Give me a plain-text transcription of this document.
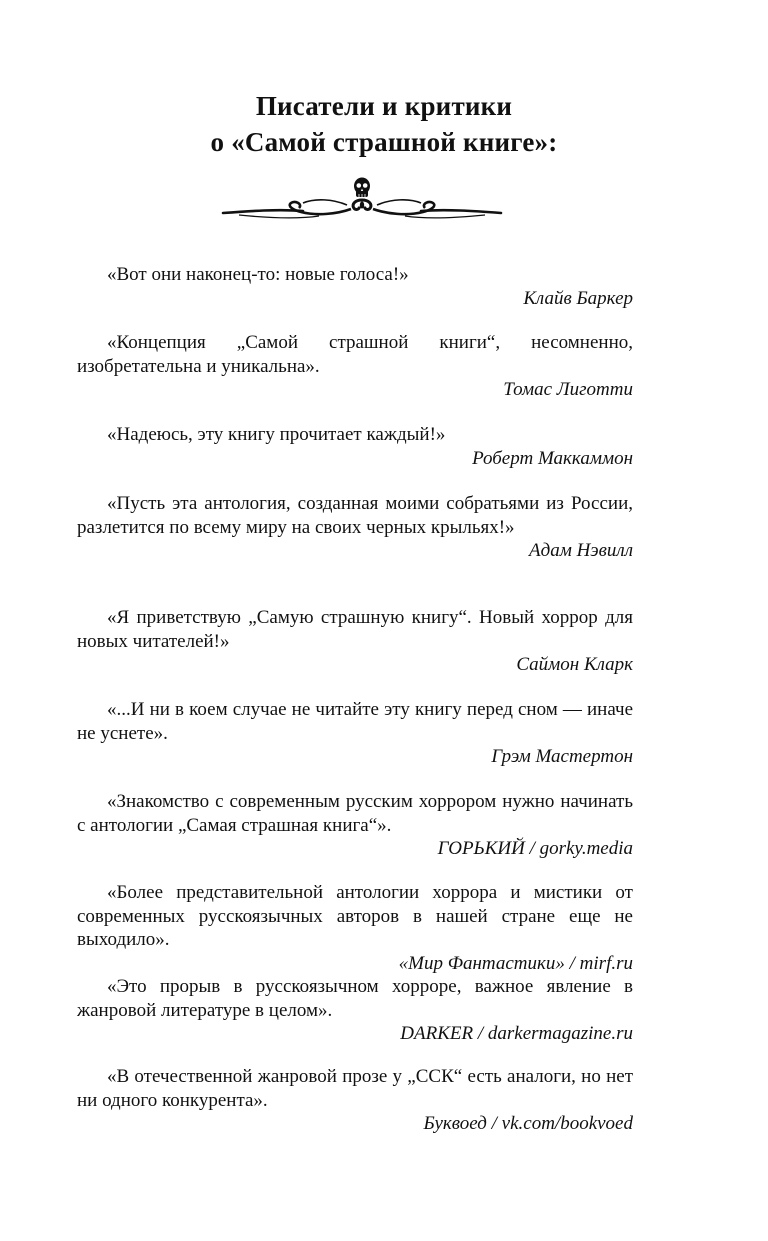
Писатели и критики
о «Самой страшной книге»:
«Вот они наконец-то: новые голоса!»
Клайв Баркер
«Концепция „Самой страшной книги“, несомненно, изобретательна и уникальна».
Томас Лиготти
«Надеюсь, эту книгу прочитает каждый!»
Роберт Маккаммон
«Пусть эта антология, созданная моими собратьями из России, разлетится по всему миру на своих черных крыльях!»
Адам Нэвилл
«Я приветствую „Самую страшную книгу“. Новый хоррор для новых читателей!»
Саймон Кларк
«...И ни в коем случае не читайте эту книгу перед сном — иначе не уснете».
Грэм Мастертон
«Знакомство с современным русским хоррором нужно начинать с антологии „Самая страшная книга“».
ГОРЬКИЙ / gorky.media
«Более представительной антологии хоррора и мистики от современных русскоязычных авторов в нашей стране еще не выходило».
«Мир Фантастики» / mirf.ru
«Это прорыв в русскоязычном хорроре, важное явление в жанровой литературе в целом».
DARKER / darkermagazine.ru
«В отечественной жанровой прозе у „ССК“ есть аналоги, но нет ни одного конкурента».
Буквоед / vk.com/bookvoed
